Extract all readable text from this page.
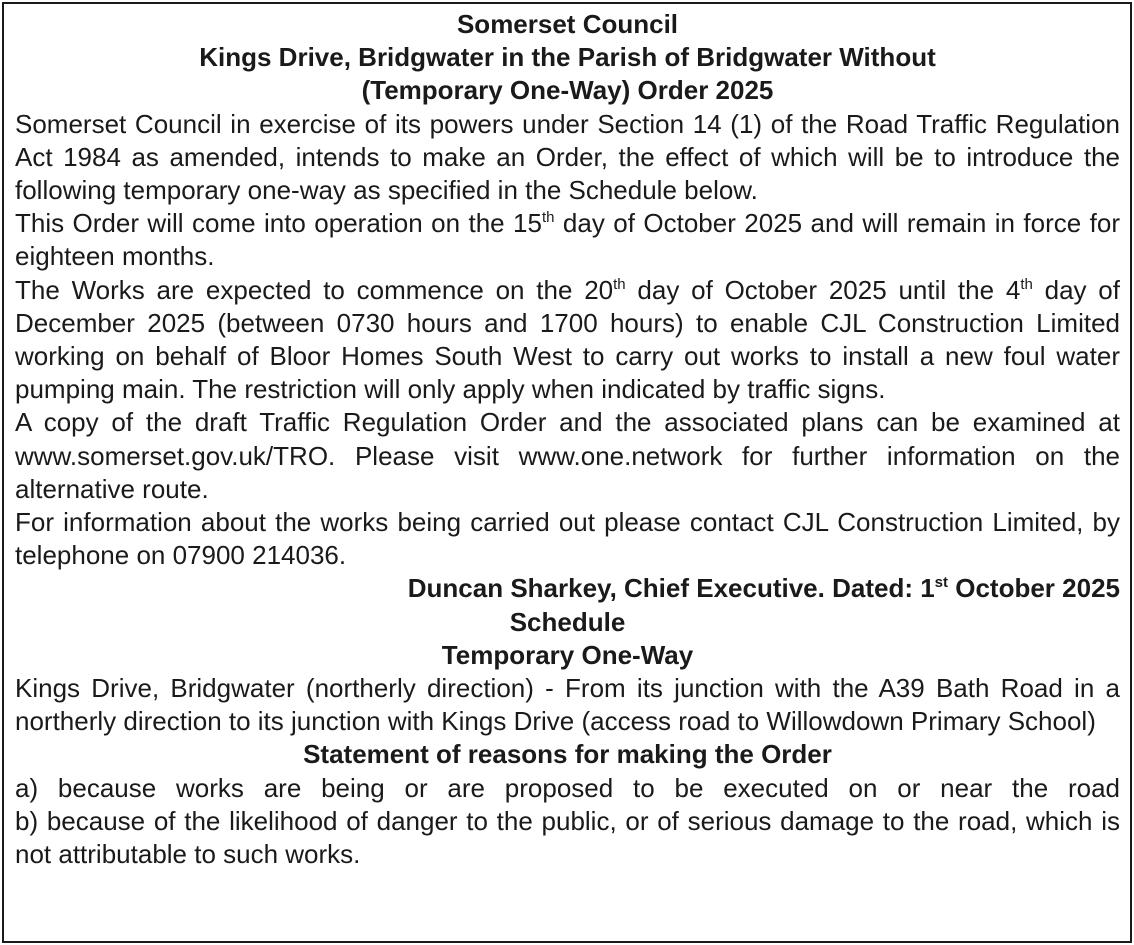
Somerset Council
Kings Drive, Bridgwater in the Parish of Bridgwater Without
(Temporary One-Way) Order 2025
Somerset Council in exercise of its powers under Section 14 (1) of the Road Traffic Regulation Act 1984 as amended, intends to make an Order, the effect of which will be to introduce the following temporary one-way as specified in the Schedule below.
This Order will come into operation on the 15th day of October 2025 and will remain in force for eighteen months.
The Works are expected to commence on the 20th day of October 2025 until the 4th day of December 2025 (between 0730 hours and 1700 hours) to enable CJL Construction Limited working on behalf of Bloor Homes South West to carry out works to install a new foul water pumping main. The restriction will only apply when indicated by traffic signs.
A copy of the draft Traffic Regulation Order and the associated plans can be examined at www.somerset.gov.uk/TRO. Please visit www.one.network for further information on the alternative route.
For information about the works being carried out please contact CJL Construction Limited, by telephone on 07900 214036.
Duncan Sharkey, Chief Executive. Dated: 1st October 2025
Schedule
Temporary One-Way
Kings Drive, Bridgwater (northerly direction) - From its junction with the A39 Bath Road in a northerly direction to its junction with Kings Drive (access road to Willowdown Primary School)
Statement of reasons for making the Order
a) because works are being or are proposed to be executed on or near the road
b) because of the likelihood of danger to the public, or of serious damage to the road, which is not attributable to such works.
